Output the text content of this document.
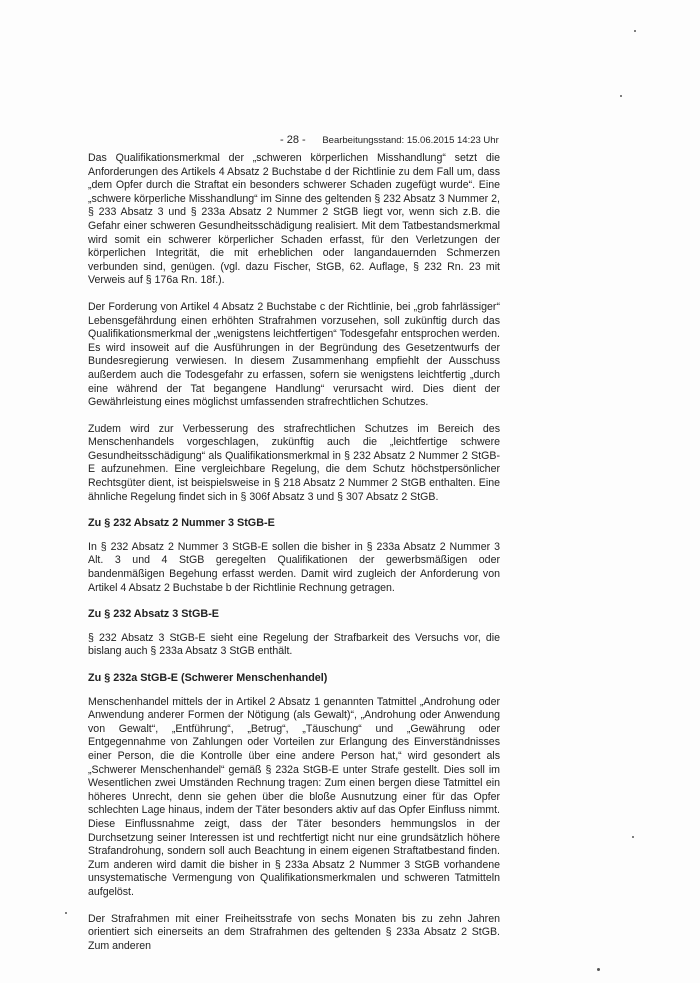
- 28 - Bearbeitungsstand: 15.06.2015 14:23 Uhr

Das Qualifikationsmerkmal der „schweren körperlichen Misshandlung“ setzt die Anforderungen des Artikels 4 Absatz 2 Buchstabe d der Richtlinie zu dem Fall um, dass „dem Opfer durch die Straftat ein besonders schwerer Schaden zugefügt wurde“. Eine „schwere körperliche Misshandlung“ im Sinne des geltenden § 232 Absatz 3 Nummer 2, § 233 Absatz 3 und § 233a Absatz 2 Nummer 2 StGB liegt vor, wenn sich z.B. die Gefahr einer schweren Gesundheitsschädigung realisiert. Mit dem Tatbestandsmerkmal wird somit ein schwerer körperlicher Schaden erfasst, für den Verletzungen der körperlichen Integrität, die mit erheblichen oder langandauernden Schmerzen verbunden sind, genügen. (vgl. dazu Fischer, StGB, 62. Auflage, § 232 Rn. 23 mit Verweis auf § 176a Rn. 18f.).

Der Forderung von Artikel 4 Absatz 2 Buchstabe c der Richtlinie, bei „grob fahrlässiger“ Lebensgefährdung einen erhöhten Strafrahmen vorzusehen, soll zukünftig durch das Qualifikationsmerkmal der „wenigstens leichtfertigen“ Todesgefahr entsprochen werden. Es wird insoweit auf die Ausführungen in der Begründung des Gesetzentwurfs der Bundesregierung verwiesen. In diesem Zusammenhang empfiehlt der Ausschuss außerdem auch die Todesgefahr zu erfassen, sofern sie wenigstens leichtfertig „durch eine während der Tat begangene Handlung“ verursacht wird. Dies dient der Gewährleistung eines möglichst umfassenden strafrechtlichen Schutzes.

Zudem wird zur Verbesserung des strafrechtlichen Schutzes im Bereich des Menschenhandels vorgeschlagen, zukünftig auch die „leichtfertige schwere Gesundheitsschädigung“ als Qualifikationsmerkmal in § 232 Absatz 2 Nummer 2 StGB-E aufzunehmen. Eine vergleichbare Regelung, die dem Schutz höchstpersönlicher Rechtsgüter dient, ist beispielsweise in § 218 Absatz 2 Nummer 2 StGB enthalten. Eine ähnliche Regelung findet sich in § 306f Absatz 3 und § 307 Absatz 2 StGB.

Zu § 232 Absatz 2 Nummer 3 StGB-E

In § 232 Absatz 2 Nummer 3 StGB-E sollen die bisher in § 233a Absatz 2 Nummer 3 Alt. 3 und 4 StGB geregelten Qualifikationen der gewerbsmäßigen oder bandenmäßigen Begehung erfasst werden. Damit wird zugleich der Anforderung von Artikel 4 Absatz 2 Buchstabe b der Richtlinie Rechnung getragen.

Zu § 232 Absatz 3 StGB-E

§ 232 Absatz 3 StGB-E sieht eine Regelung der Strafbarkeit des Versuchs vor, die bislang auch § 233a Absatz 3 StGB enthält.

Zu § 232a StGB-E (Schwerer Menschenhandel)

Menschenhandel mittels der in Artikel 2 Absatz 1 genannten Tatmittel „Androhung oder Anwendung anderer Formen der Nötigung (als Gewalt)“, „Androhung oder Anwendung von Gewalt“, „Entführung“, „Betrug“, „Täuschung“ und „Gewährung oder Entgegennahme von Zahlungen oder Vorteilen zur Erlangung des Einverständnisses einer Person, die die Kontrolle über eine andere Person hat,“ wird gesondert als „Schwerer Menschenhandel“ gemäß § 232a StGB-E unter Strafe gestellt. Dies soll im Wesentlichen zwei Umständen Rechnung tragen: Zum einen bergen diese Tatmittel ein höheres Unrecht, denn sie gehen über die bloße Ausnutzung einer für das Opfer schlechten Lage hinaus, indem der Täter besonders aktiv auf das Opfer Einfluss nimmt. Diese Einflussnahme zeigt, dass der Täter besonders hemmungslos in der Durchsetzung seiner Interessen ist und rechtfertigt nicht nur eine grundsätzlich höhere Strafandrohung, sondern soll auch Beachtung in einem eigenen Straftatbestand finden. Zum anderen wird damit die bisher in § 233a Absatz 2 Nummer 3 StGB vorhandene unsystematische Vermengung von Qualifikationsmerkmalen und schweren Tatmitteln aufgelöst.

Der Strafrahmen mit einer Freiheitsstrafe von sechs Monaten bis zu zehn Jahren orientiert sich einerseits an dem Strafrahmen des geltenden § 233a Absatz 2 StGB. Zum anderen
